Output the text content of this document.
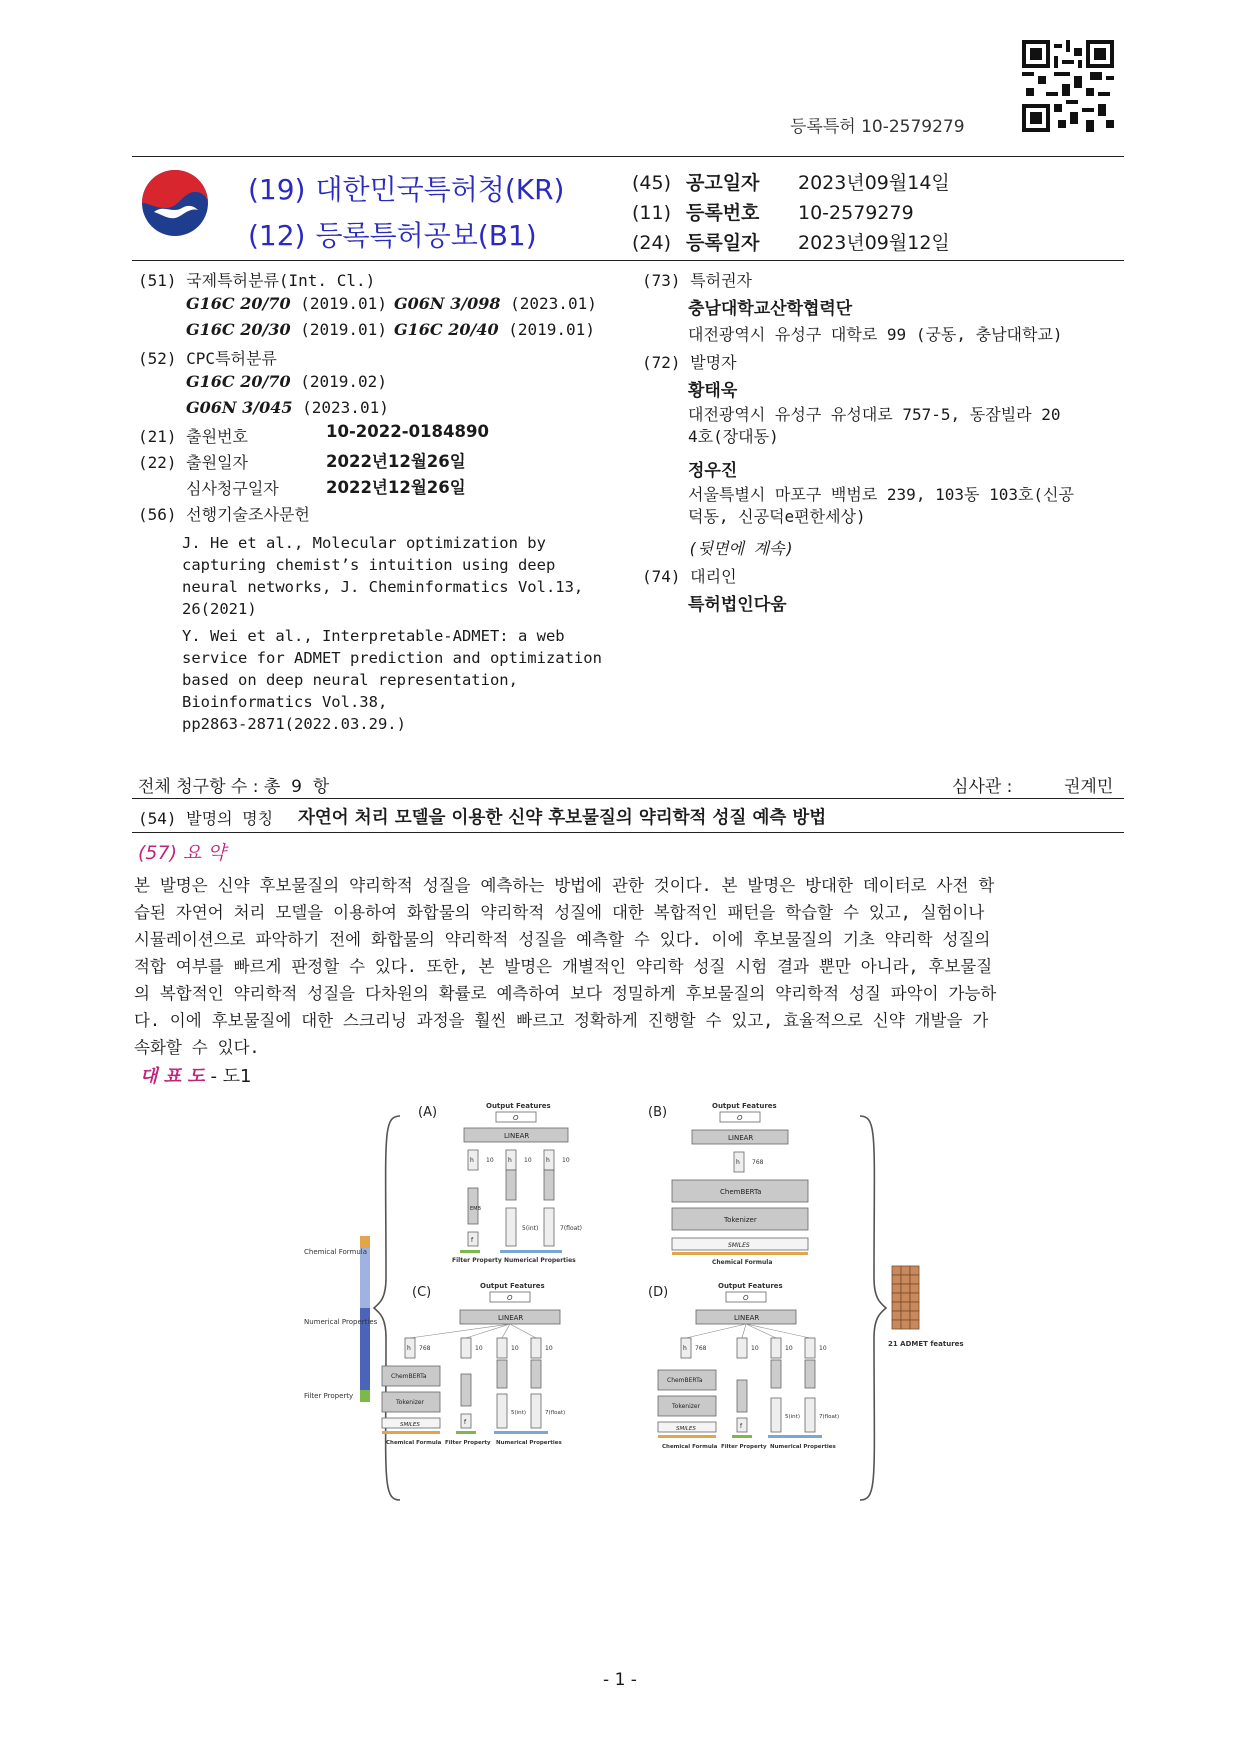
등록특허 10-2579279
(19) 대한민국특허청(KR)
(12) 등록특허공보(B1)
(45) 공고일자 2023년09월14일
(11) 등록번호 10-2579279
(24) 등록일자 2023년09월12일
(51) 국제특허분류(Int. Cl.)
G16C 20/70 (2019.01) G06N 3/098 (2023.01)
G16C 20/30 (2019.01) G16C 20/40 (2019.01)
(52) CPC특허분류
G16C 20/70 (2019.02)
G06N 3/045 (2023.01)
(21) 출원번호	10-2022-0184890
(22) 출원일자	2022년12월26일
심사청구일자	2022년12월26일
(56) 선행기술조사문헌
J. He et al., Molecular optimization by
capturing chemist’s intuition using deep
neural networks, J. Cheminformatics Vol.13,
26(2021)
Y. Wei et al., Interpretable-ADMET: a web
service for ADMET prediction and optimization
based on deep neural representation,
Bioinformatics Vol.38,
pp2863-2871(2022.03.29.)
(73) 특허권자
충남대학교산학협력단
대전광역시 유성구 대학로 99 (궁동, 충남대학교)
(72) 발명자
황태욱
대전광역시 유성구 유성대로 757-5, 동잠빌라 20
4호(장대동)
정우진
서울특별시 마포구 백범로 239, 103동 103호(신공
덕동, 신공덕e편한세상)
(뒷면에 계속)
(74) 대리인
특허법인다움
전체 청구항 수 : 총  9  항	심사관 :	권계민
(54) 발명의 명칭 자연어 처리 모델을 이용한 신약 후보물질의 약리학적 성질 예측 방법
(57) 요 약
본 발명은 신약 후보물질의 약리학적 성질을 예측하는 방법에 관한 것이다. 본 발명은 방대한 데이터로 사전 학
습된 자연어 처리 모델을 이용하여 화합물의 약리학적 성질에 대한 복합적인 패턴을 학습할 수 있고, 실험이나
시뮬레이션으로 파악하기 전에 화합물의 약리학적 성질을 예측할 수 있다. 이에 후보물질의 기초 약리학 성질의
적합 여부를 빠르게 판정할 수 있다. 또한, 본 발명은 개별적인 약리학 성질 시험 결과 뿐만 아니라, 후보물질
의 복합적인 약리학적 성질을 다차원의 확률로 예측하여 보다 정밀하게 후보물질의 약리학적 성질 파악이 가능하
다. 이에 후보물질에 대한 스크리닝 과정을 훨씬 빠르고 정확하게 진행할 수 있고, 효율적으로 신약 개발을 가
속화할 수 있다.
대 표 도 - 도1
Chemical Formula
Numerical Properties
Filter Property
21 ADMET features
(A)	Output Features
O
LINEAR
h	h	h
EMB
f
10	10	10
5(int)	7(float)
Filter Property Numerical Properties
(B)	Output Features
O
LINEAR
h 768
ChemBERTa
Tokenizer
SMILES
Chemical Formula
(C)	Output Features
O
LINEAR
h 768	10	10	10
ChemBERTa
Tokenizer
SMILES	f
5(int)	7(float)
Chemical Formula Filter Property Numerical Properties
(D)	Output Features
O
LINEAR
h 768	10	10	10
ChemBERTa
Tokenizer
SMILES	f
5(int)	7(float)
Chemical Formula Filter Property Numerical Properties
- 1 -
